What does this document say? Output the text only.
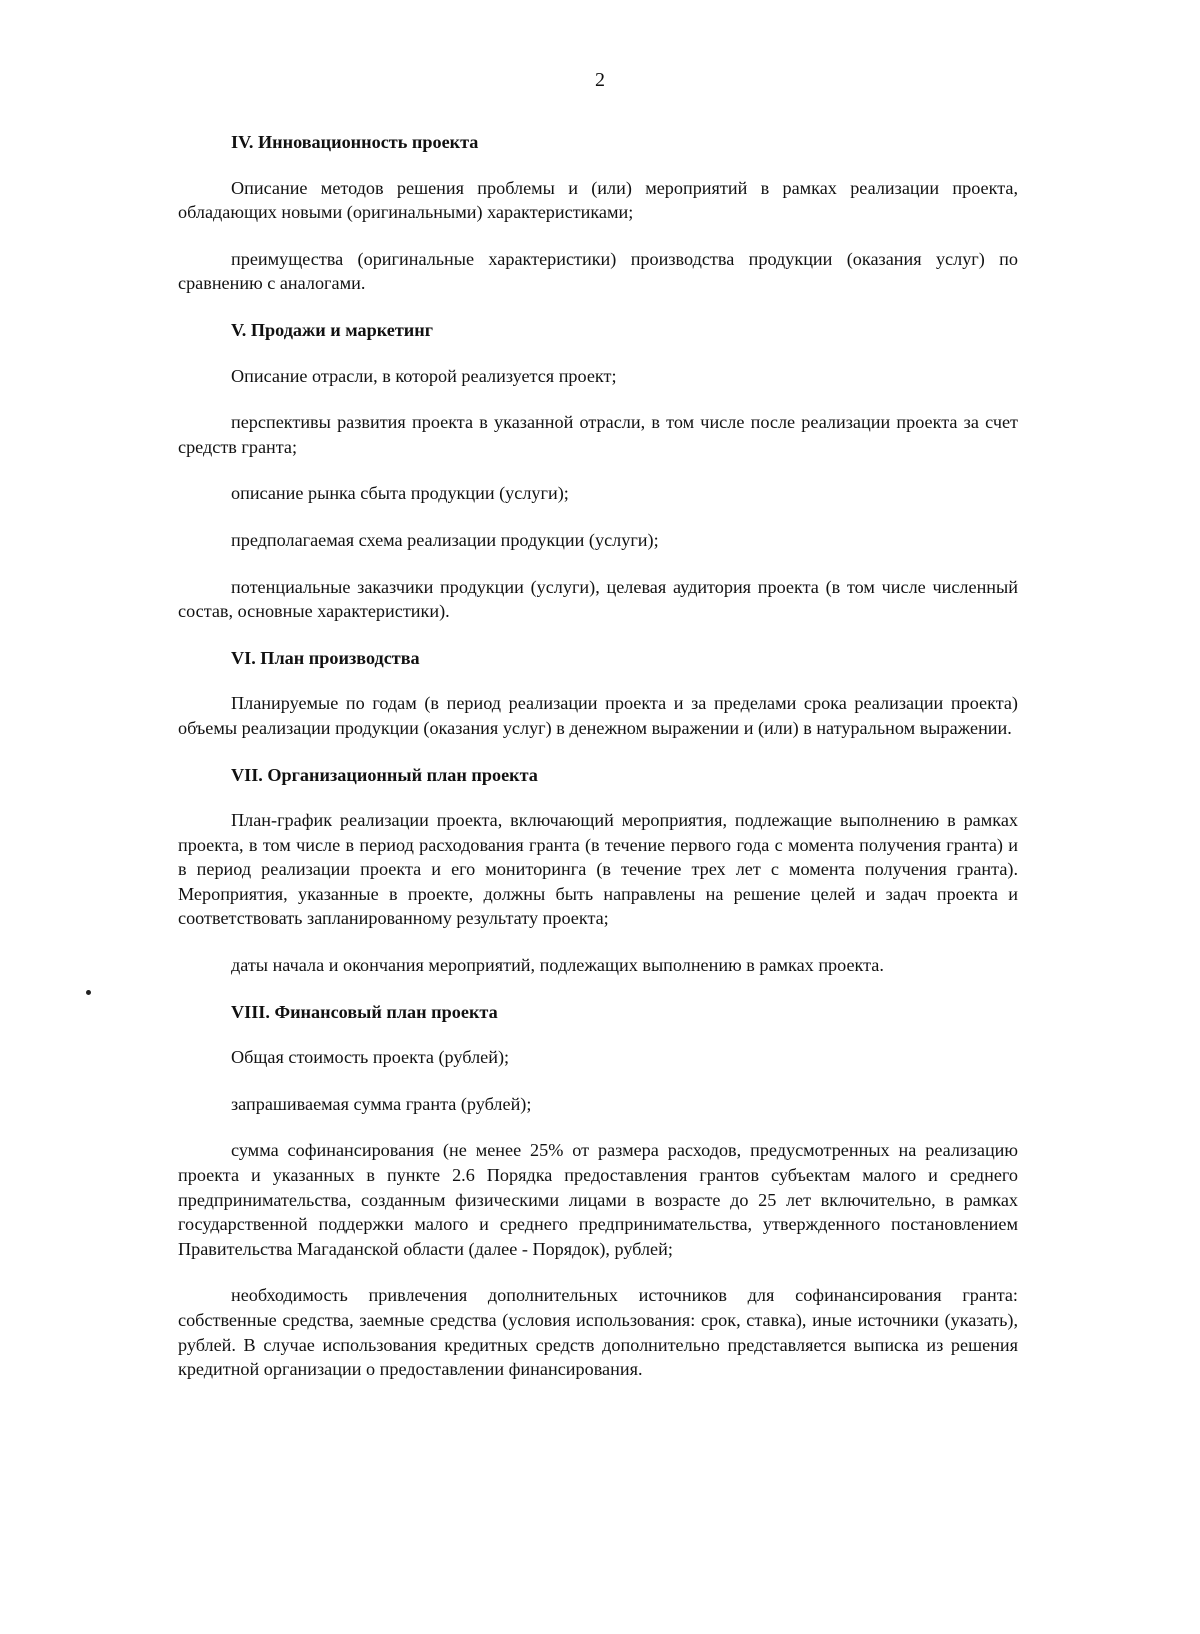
2
IV. Инновационность проекта

Описание методов решения проблемы и (или) мероприятий в рамках реализации проекта, обладающих новыми (оригинальными) характеристиками;

преимущества (оригинальные характеристики) производства продукции (оказания услуг) по сравнению с аналогами.

V. Продажи и маркетинг

Описание отрасли, в которой реализуется проект;

перспективы развития проекта в указанной отрасли, в том числе после реализации проекта за счет средств гранта;

описание рынка сбыта продукции (услуги);

предполагаемая схема реализации продукции (услуги);

потенциальные заказчики продукции (услуги), целевая аудитория проекта (в том числе численный состав, основные характеристики).

VI. План производства

Планируемые по годам (в период реализации проекта и за пределами срока реализации проекта) объемы реализации продукции (оказания услуг) в денежном выражении и (или) в натуральном выражении.

VII. Организационный план проекта

План-график реализации проекта, включающий мероприятия, подлежащие выполнению в рамках проекта, в том числе в период расходования гранта (в течение первого года с момента получения гранта) и в период реализации проекта и его мониторинга (в течение трех лет с момента получения гранта). Мероприятия, указанные в проекте, должны быть направлены на решение целей и задач проекта и соответствовать запланированному результату проекта;

даты начала и окончания мероприятий, подлежащих выполнению в рамках проекта.

VIII. Финансовый план проекта

Общая стоимость проекта (рублей);

запрашиваемая сумма гранта (рублей);

сумма софинансирования (не менее 25% от размера расходов, предусмотренных на реализацию проекта и указанных в пункте 2.6 Порядка предоставления грантов субъектам малого и среднего предпринимательства, созданным физическими лицами в возрасте до 25 лет включительно, в рамках государственной поддержки малого и среднего предпринимательства, утвержденного постановлением Правительства Магаданской области (далее - Порядок), рублей;

необходимость привлечения дополнительных источников для софинансирования гранта: собственные средства, заемные средства (условия использования: срок, ставка), иные источники (указать), рублей. В случае использования кредитных средств дополнительно представляется выписка из решения кредитной организации о предоставлении финансирования.
